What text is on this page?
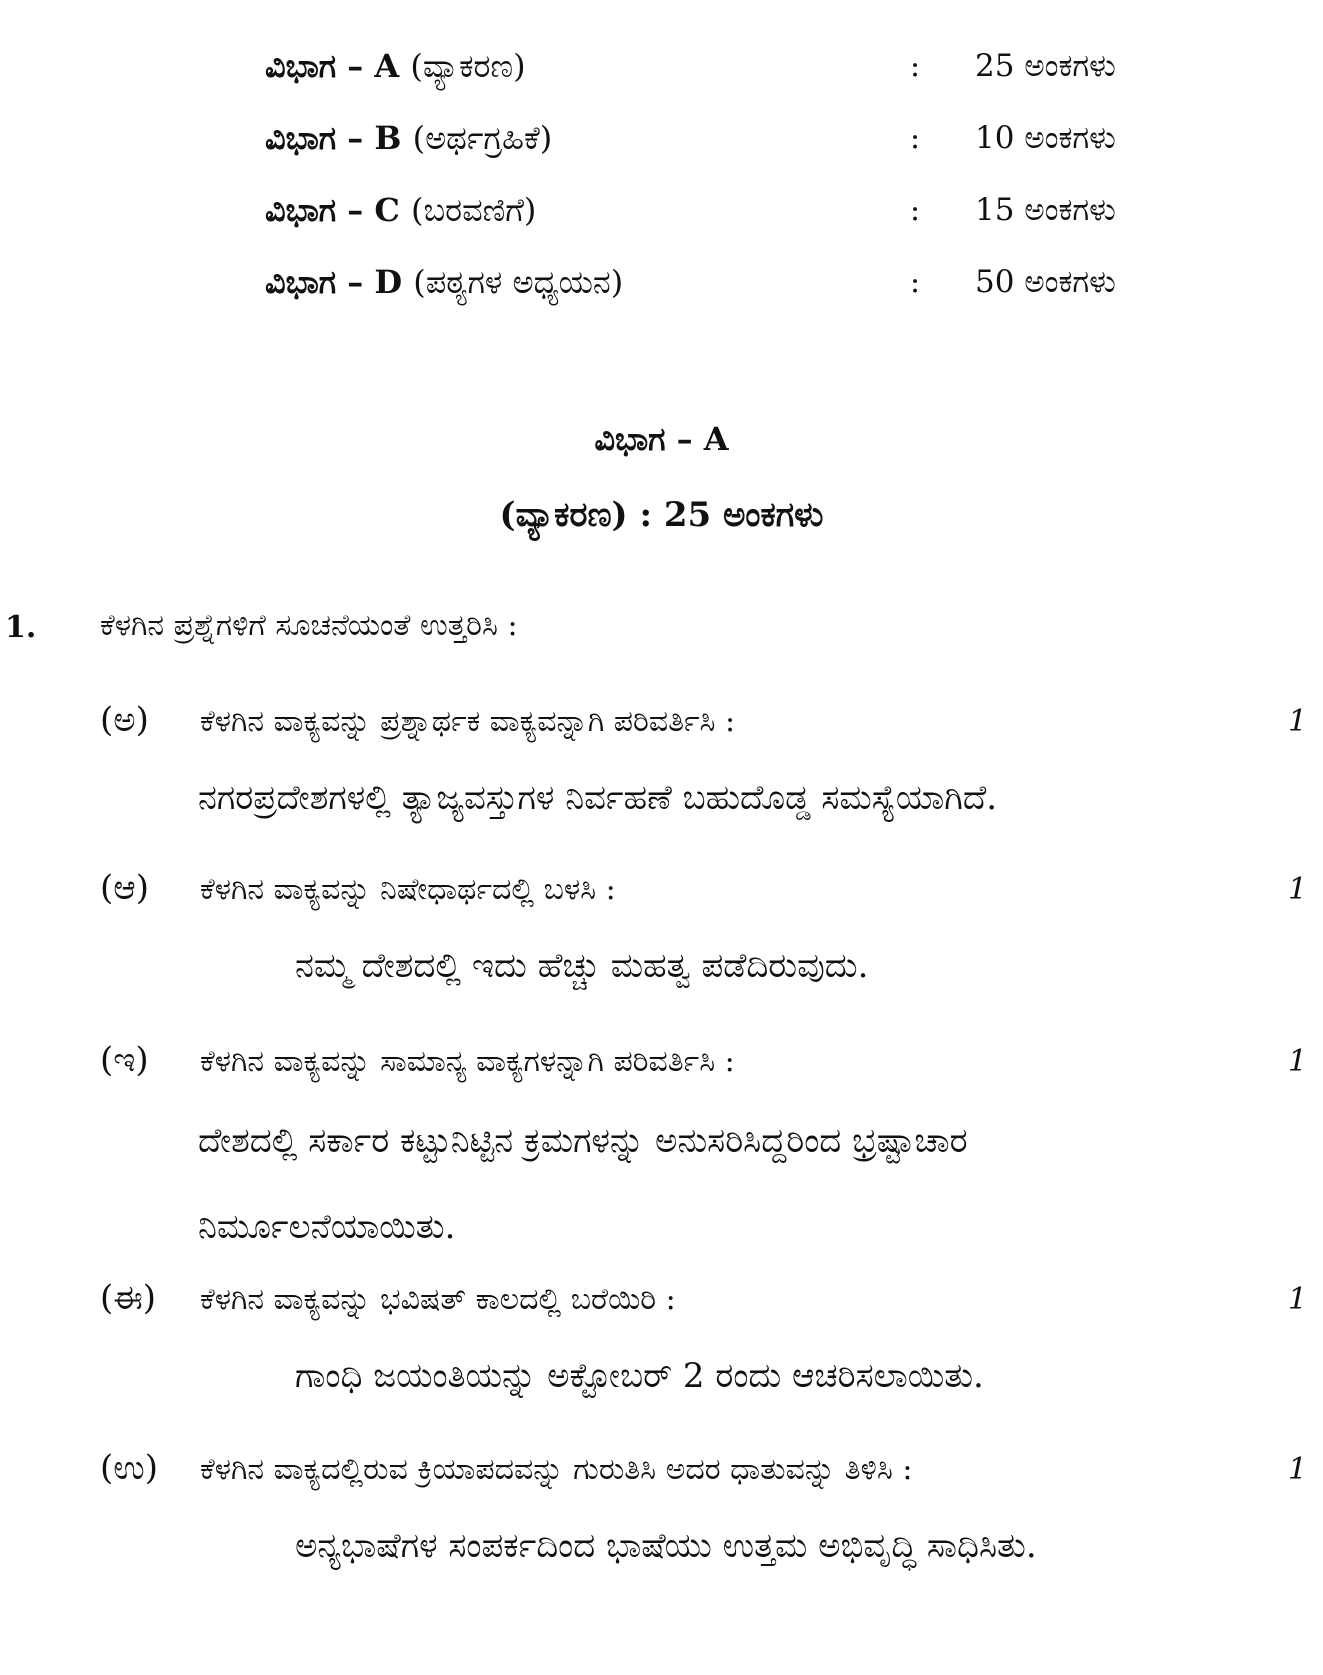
ವಿಭಾಗ – A (ವ್ಯಾಕರಣ)	: 25 ಅಂಕಗಳು
ವಿಭಾಗ – B (ಅರ್ಥಗ್ರಹಿಕೆ)	: 10 ಅಂಕಗಳು
ವಿಭಾಗ – C (ಬರವಣಿಗೆ)	: 15 ಅಂಕಗಳು
ವಿಭಾಗ – D (ಪಠ್ಯಗಳ ಅಧ್ಯಯನ)	: 50 ಅಂಕಗಳು
ವಿಭಾಗ – A
(ವ್ಯಾಕರಣ) : 25 ಅಂಕಗಳು
1. ಕೆಳಗಿನ ಪ್ರಶ್ನೆಗಳಿಗೆ ಸೂಚನೆಯಂತೆ ಉತ್ತರಿಸಿ :
(ಅ) ಕೆಳಗಿನ ವಾಕ್ಯವನ್ನು ಪ್ರಶ್ನಾರ್ಥಕ ವಾಕ್ಯವನ್ನಾಗಿ ಪರಿವರ್ತಿಸಿ :	1
ನಗರಪ್ರದೇಶಗಳಲ್ಲಿ ತ್ಯಾಜ್ಯವಸ್ತುಗಳ ನಿರ್ವಹಣೆ ಬಹುದೊಡ್ಡ ಸಮಸ್ಯೆಯಾಗಿದೆ.
(ಆ) ಕೆಳಗಿನ ವಾಕ್ಯವನ್ನು ನಿಷೇಧಾರ್ಥದಲ್ಲಿ ಬಳಸಿ :	1
ನಮ್ಮ ದೇಶದಲ್ಲಿ ಇದು ಹೆಚ್ಚು ಮಹತ್ವ ಪಡೆದಿರುವುದು.
(ಇ) ಕೆಳಗಿನ ವಾಕ್ಯವನ್ನು ಸಾಮಾನ್ಯ ವಾಕ್ಯಗಳನ್ನಾಗಿ ಪರಿವರ್ತಿಸಿ :	1
ದೇಶದಲ್ಲಿ ಸರ್ಕಾರ ಕಟ್ಟುನಿಟ್ಟಿನ ಕ್ರಮಗಳನ್ನು ಅನುಸರಿಸಿದ್ದರಿಂದ ಭ್ರಷ್ಟಾಚಾರ ನಿರ್ಮೂಲನೆಯಾಯಿತು.
(ಈ) ಕೆಳಗಿನ ವಾಕ್ಯವನ್ನು ಭವಿಷತ್ ಕಾಲದಲ್ಲಿ ಬರೆಯಿರಿ :	1
ಗಾಂಧಿ ಜಯಂತಿಯನ್ನು ಅಕ್ಟೋಬರ್ 2 ರಂದು ಆಚರಿಸಲಾಯಿತು.
(ಉ) ಕೆಳಗಿನ ವಾಕ್ಯದಲ್ಲಿರುವ ಕ್ರಿಯಾಪದವನ್ನು ಗುರುತಿಸಿ ಅದರ ಧಾತುವನ್ನು ತಿಳಿಸಿ :	1
ಅನ್ಯಭಾಷೆಗಳ ಸಂಪರ್ಕದಿಂದ ಭಾಷೆಯು ಉತ್ತಮ ಅಭಿವೃದ್ಧಿ ಸಾಧಿಸಿತು.
